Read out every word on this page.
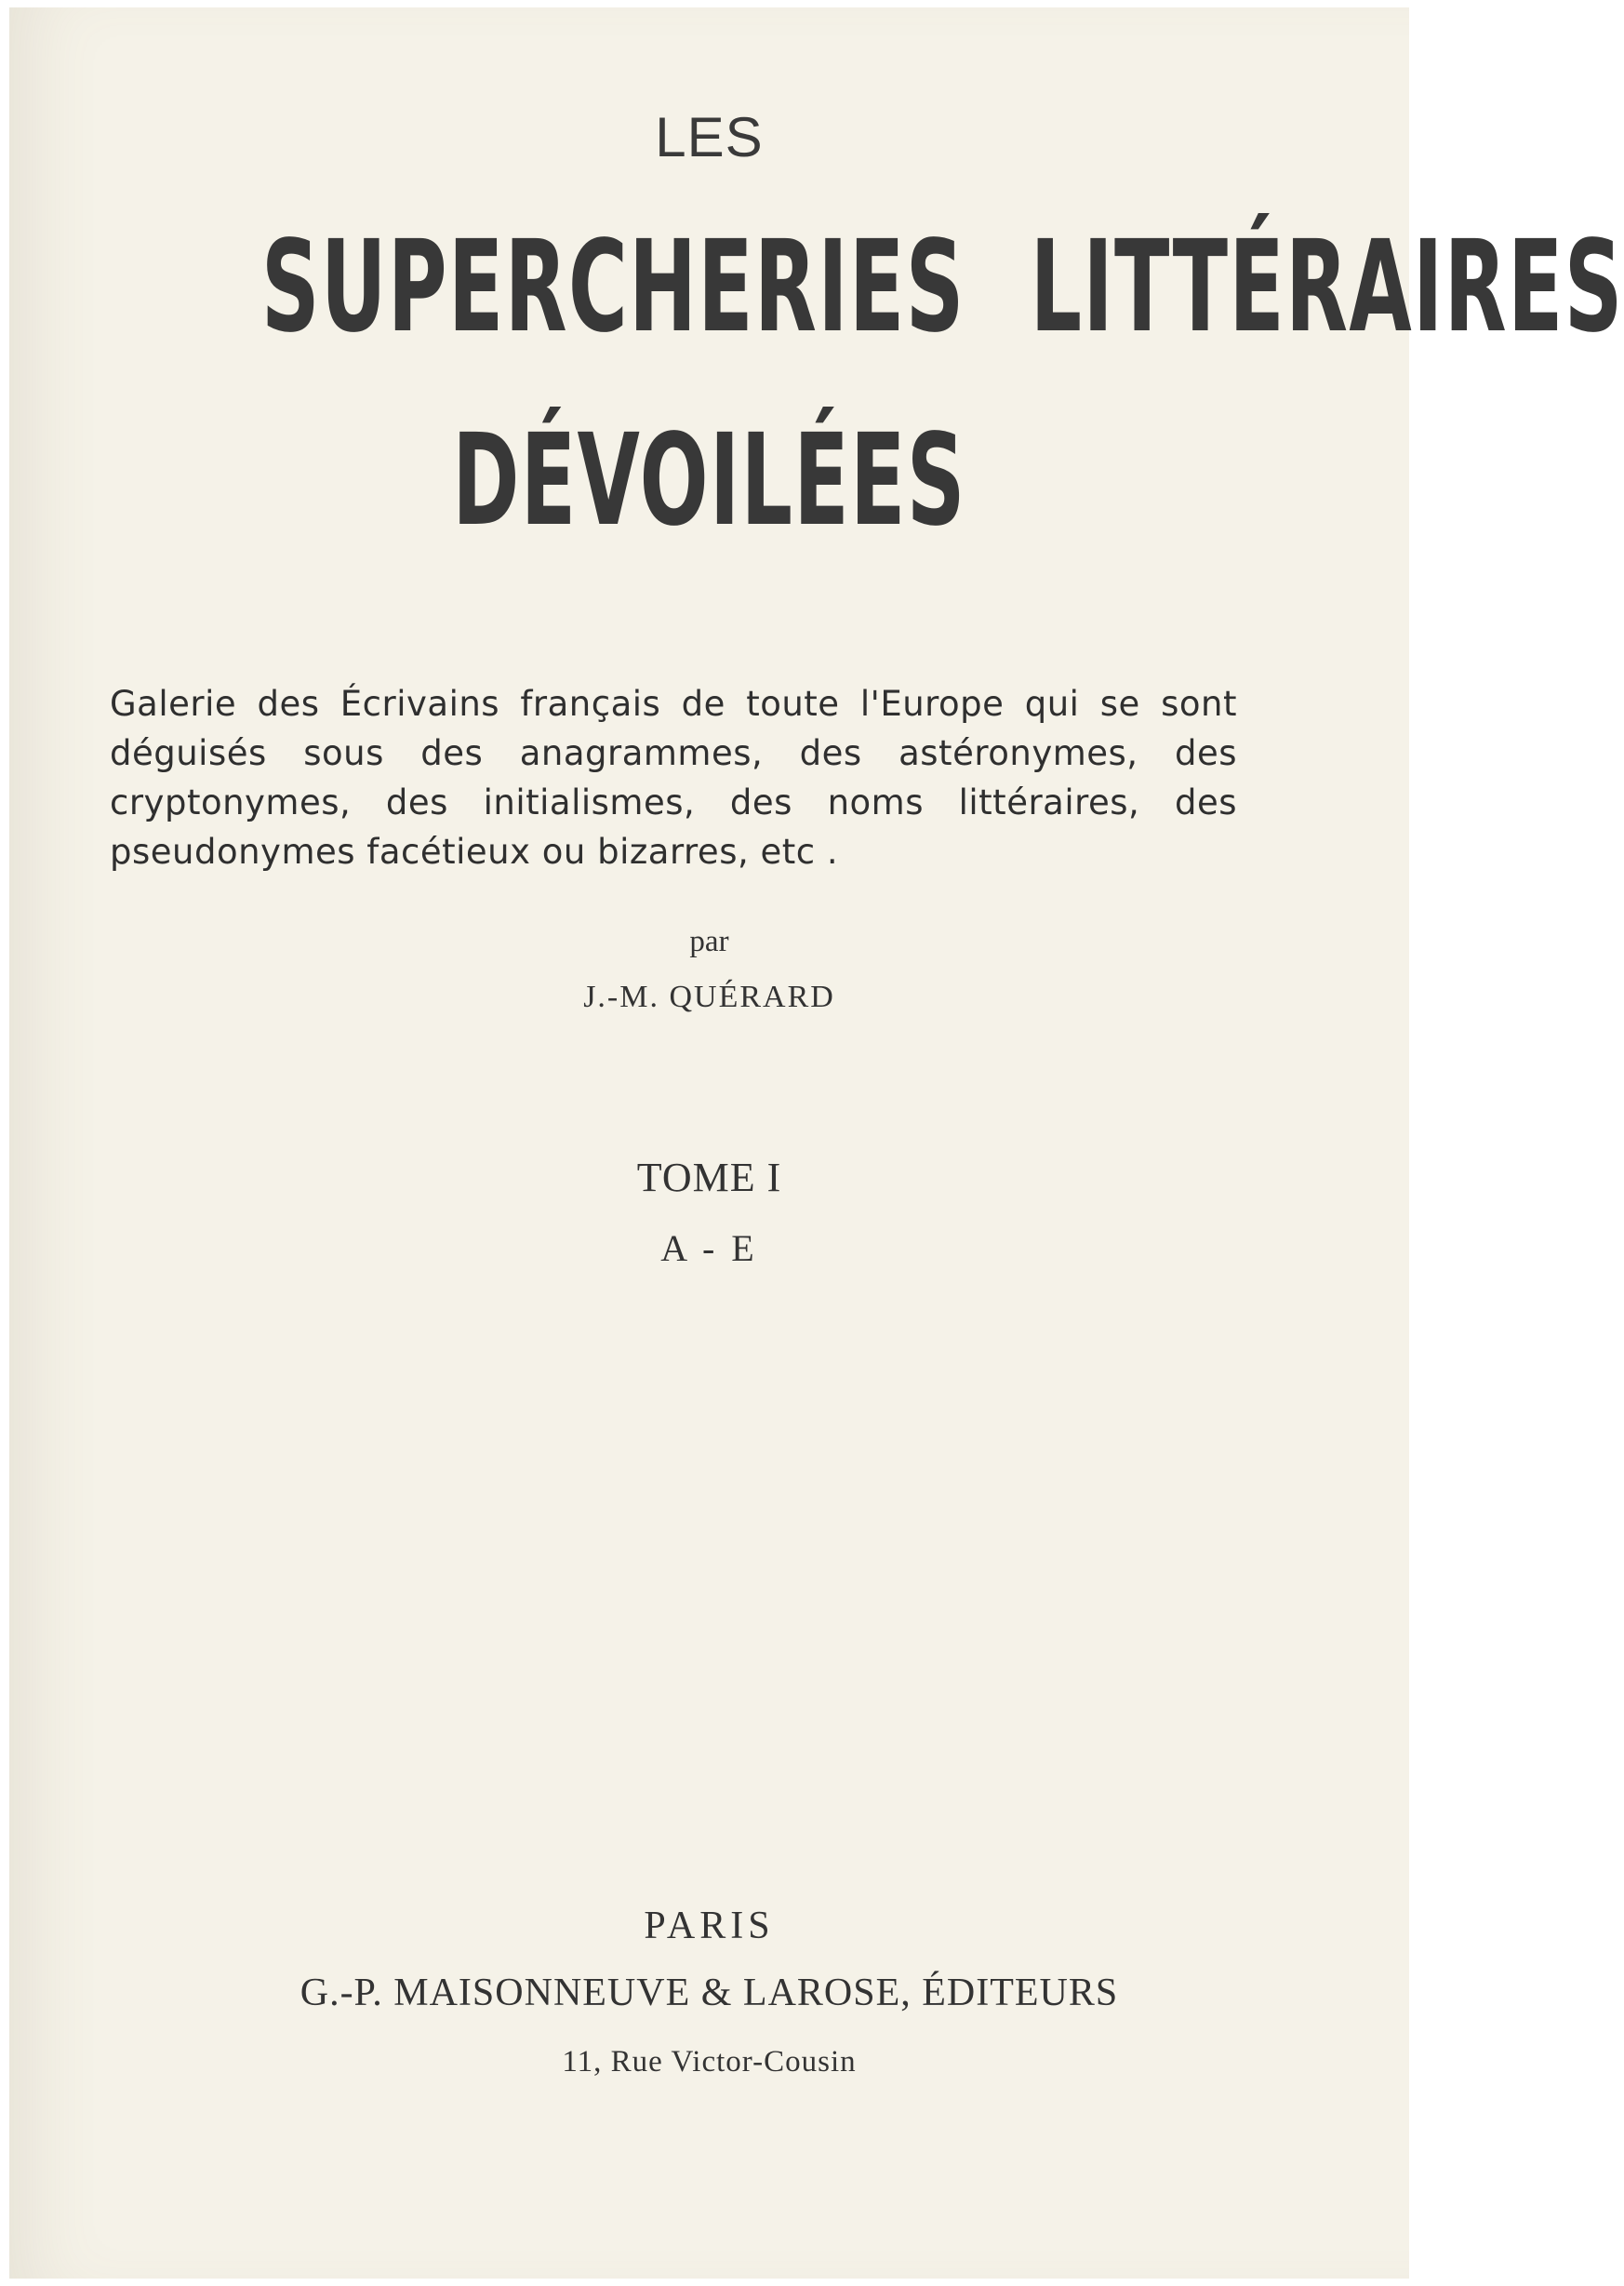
LES
SUPERCHERIES LITTÉRAIRES
DÉVOILÉES
Galerie des Écrivains français de toute l'Europe qui se sont déguisés sous des anagrammes, des astéronymes, des cryptonymes, des initialismes, des noms littéraires, des pseudonymes facétieux ou bizarres, etc .
par
J.-M. QUÉRARD
TOME I
A - E
PARIS
G.-P. MAISONNEUVE & LAROSE, ÉDITEURS
11, Rue Victor-Cousin
